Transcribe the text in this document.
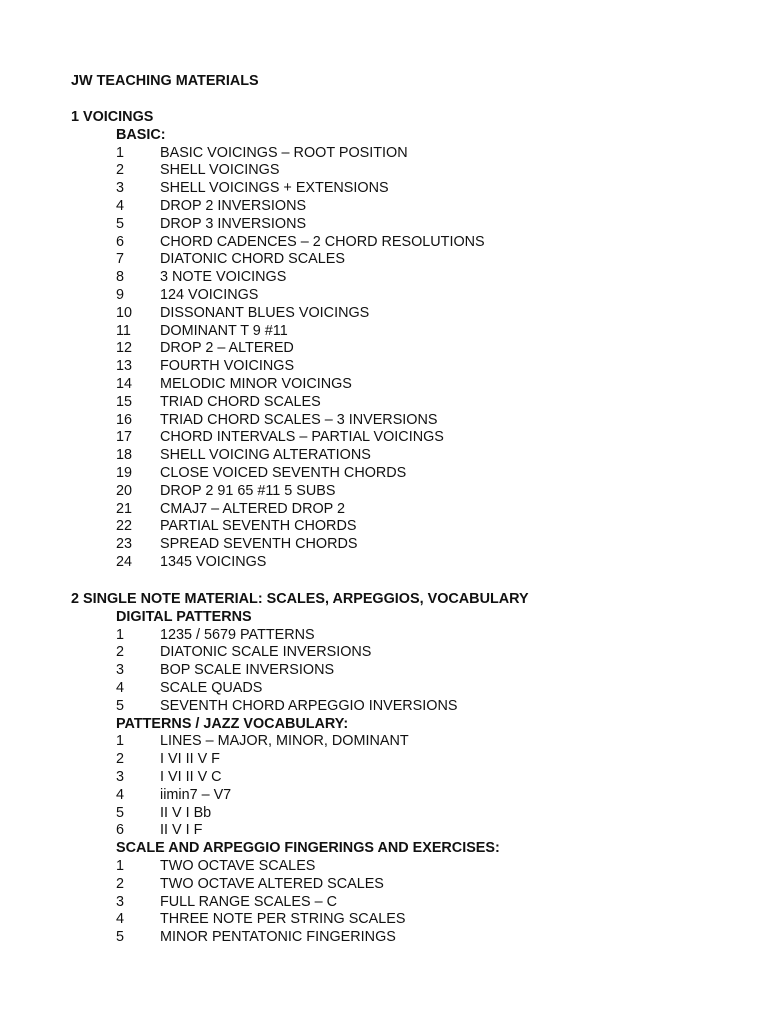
JW TEACHING MATERIALS
1 VOICINGS
BASIC:
1 BASIC VOICINGS – ROOT POSITION
2 SHELL VOICINGS
3 SHELL VOICINGS + EXTENSIONS
4 DROP 2 INVERSIONS
5 DROP 3 INVERSIONS
6 CHORD CADENCES – 2 CHORD RESOLUTIONS
7 DIATONIC CHORD SCALES
8 3 NOTE VOICINGS
9 124 VOICINGS
10 DISSONANT BLUES VOICINGS
11 DOMINANT T 9 #11
12 DROP 2 – ALTERED
13 FOURTH VOICINGS
14 MELODIC MINOR VOICINGS
15 TRIAD CHORD SCALES
16 TRIAD CHORD SCALES – 3 INVERSIONS
17 CHORD INTERVALS – PARTIAL VOICINGS
18 SHELL VOICING ALTERATIONS
19 CLOSE VOICED SEVENTH CHORDS
20 DROP 2 91 65 #11 5 SUBS
21 CMAJ7 – ALTERED DROP 2
22 PARTIAL SEVENTH CHORDS
23 SPREAD SEVENTH CHORDS
24 1345 VOICINGS
2 SINGLE NOTE MATERIAL: SCALES, ARPEGGIOS, VOCABULARY
DIGITAL PATTERNS
1 1235 / 5679 PATTERNS
2 DIATONIC SCALE INVERSIONS
3 BOP SCALE INVERSIONS
4 SCALE QUADS
5 SEVENTH CHORD ARPEGGIO INVERSIONS
PATTERNS / JAZZ VOCABULARY:
1 LINES – MAJOR, MINOR, DOMINANT
2 I VI II V F
3 I VI II V C
4 iimin7 – V7
5 II V I Bb
6 II V I F
SCALE AND ARPEGGIO FINGERINGS AND EXERCISES:
1 TWO OCTAVE SCALES
2 TWO OCTAVE ALTERED SCALES
3 FULL RANGE SCALES – C
4 THREE NOTE PER STRING SCALES
5 MINOR PENTATONIC FINGERINGS
